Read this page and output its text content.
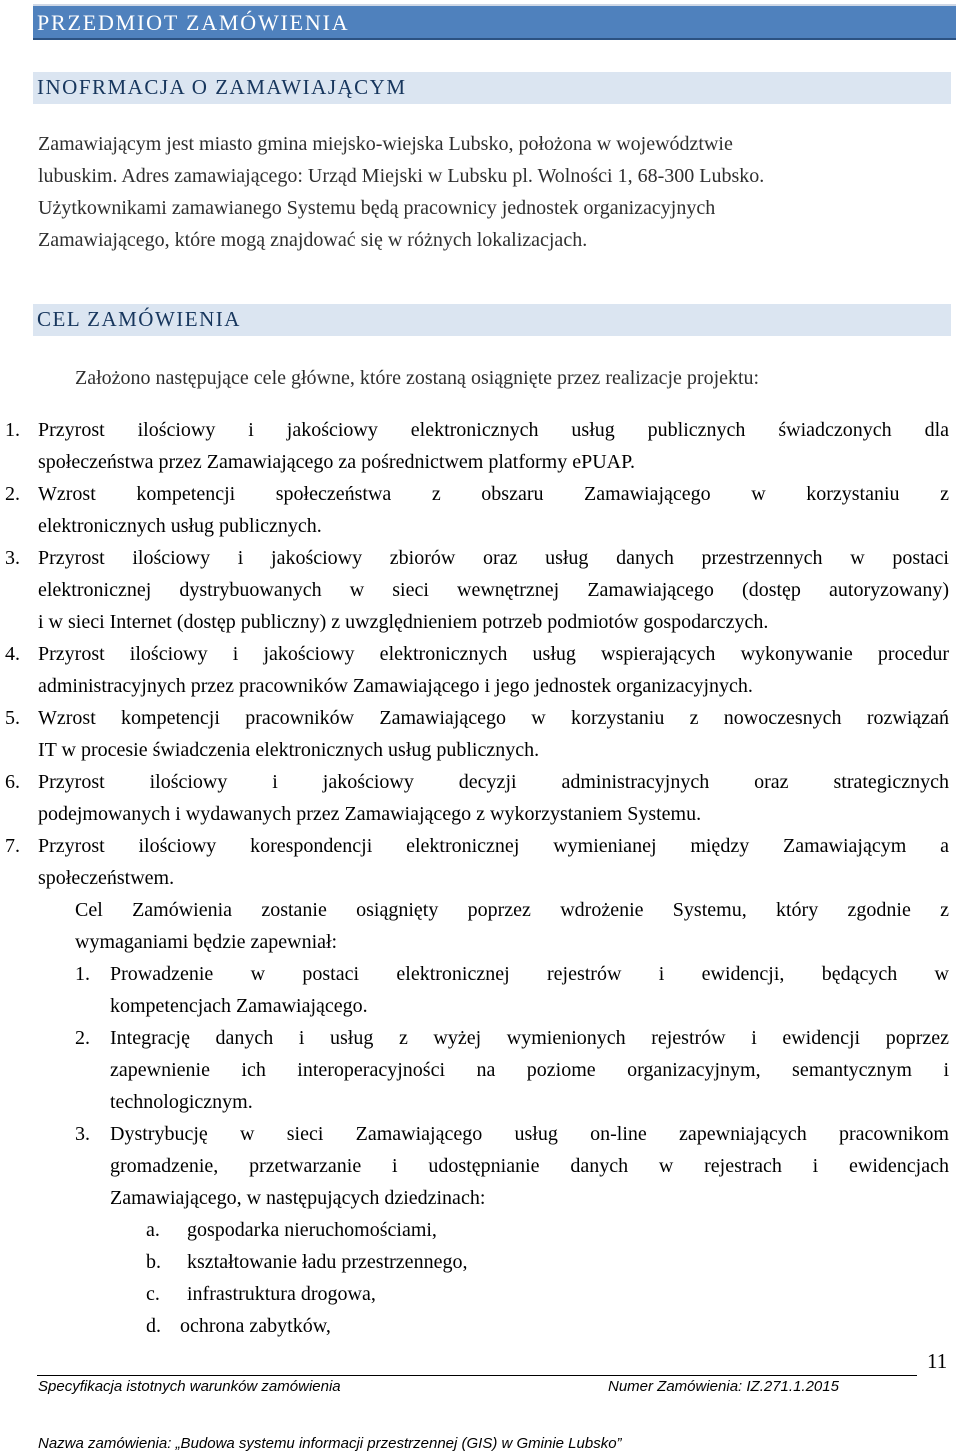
PRZEDMIOT ZAMÓWIENIA
INOFRMACJA O ZAMAWIAJĄCYM
Zamawiającym jest miasto gmina miejsko-wiejska Lubsko, położona w województwie
lubuskim. Adres zamawiającego: Urząd Miejski w Lubsku pl. Wolności 1, 68-300 Lubsko.
Użytkownikami zamawianego Systemu będą pracownicy jednostek organizacyjnych
Zamawiającego, które mogą znajdować się w różnych lokalizacjach.
CEL ZAMÓWIENIA
Założono następujące cele główne, które zostaną osiągnięte przez realizacje projektu:
1. Przyrost ilościowy i jakościowy elektronicznych usług publicznych świadczonych dla
społeczeństwa przez Zamawiającego za pośrednictwem platformy ePUAP.
2. Wzrost kompetencji społeczeństwa z obszaru Zamawiającego w korzystaniu z
elektronicznych usług publicznych.
3. Przyrost ilościowy i jakościowy zbiorów oraz usług danych przestrzennych w postaci
elektronicznej dystrybuowanych w sieci wewnętrznej Zamawiającego (dostęp autoryzowany)
i w sieci Internet (dostęp publiczny) z uwzględnieniem potrzeb podmiotów gospodarczych.
4. Przyrost ilościowy i jakościowy elektronicznych usług wspierających wykonywanie procedur
administracyjnych przez pracowników Zamawiającego i jego jednostek organizacyjnych.
5. Wzrost kompetencji pracowników Zamawiającego w korzystaniu z nowoczesnych rozwiązań
IT w procesie świadczenia elektronicznych usług publicznych.
6. Przyrost ilościowy i jakościowy decyzji administracyjnych oraz strategicznych
podejmowanych i wydawanych przez Zamawiającego z wykorzystaniem Systemu.
7. Przyrost ilościowy korespondencji elektronicznej wymienianej między Zamawiającym a
społeczeństwem.
Cel Zamówienia zostanie osiągnięty poprzez wdrożenie Systemu, który zgodnie z
wymaganiami będzie zapewniał:
1. Prowadzenie w postaci elektronicznej rejestrów i ewidencji, będących w
kompetencjach Zamawiającego.
2. Integrację danych i usług z wyżej wymienionych rejestrów i ewidencji poprzez
zapewnienie ich interoperacyjności na poziome organizacyjnym, semantycznym i
technologicznym.
3. Dystrybucję w sieci Zamawiającego usług on-line zapewniających pracownikom
gromadzenie, przetwarzanie i udostępnianie danych w rejestrach i ewidencjach
Zamawiającego, w następujących dziedzinach:
a. gospodarka nieruchomościami,
b. kształtowanie ładu przestrzennego,
c. infrastruktura drogowa,
d. ochrona zabytków,
11
Specyfikacja istotnych warunków zamówienia	Numer Zamówienia: IZ.271.1.2015
Nazwa zamówienia: „Budowa systemu informacji przestrzennej (GIS) w Gminie Lubsko”
